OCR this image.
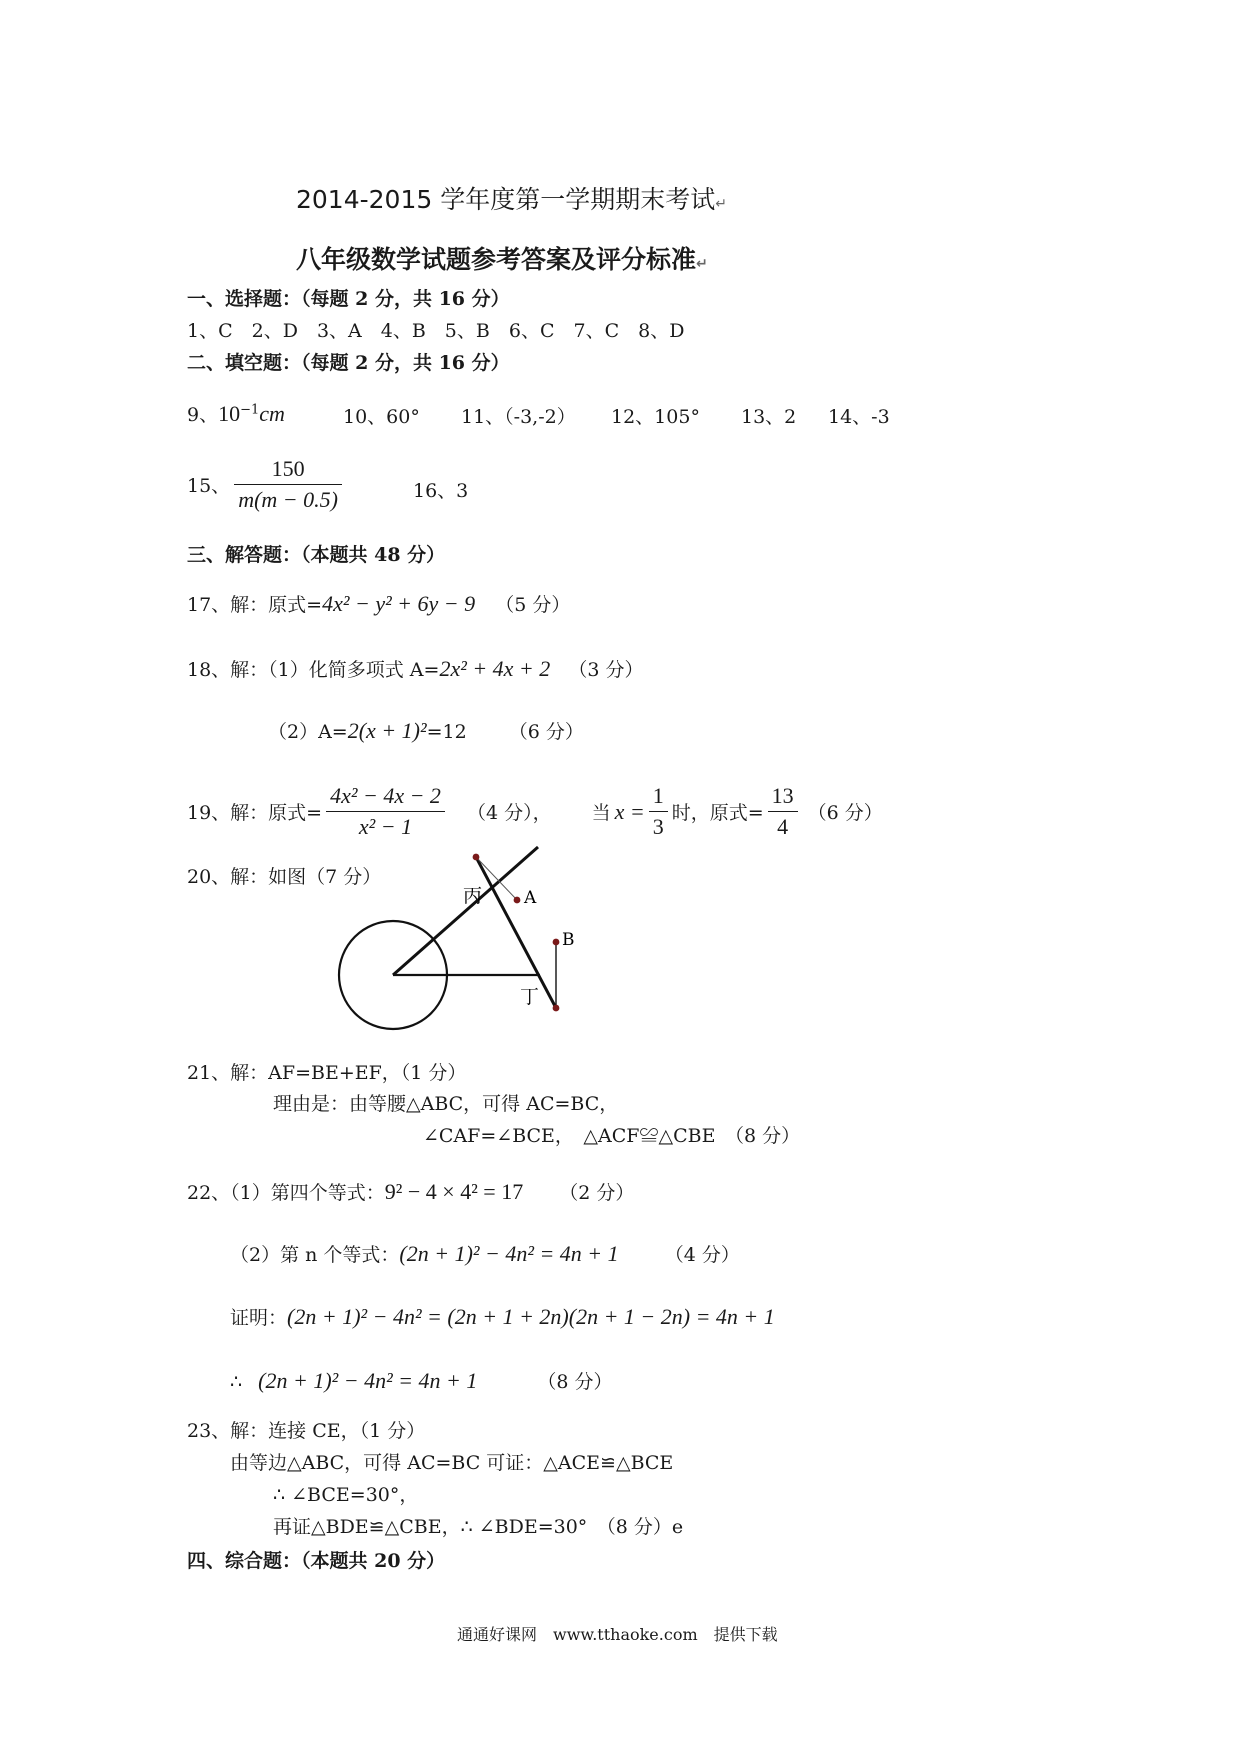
2014-2015 学年度第一学期期末考试↵
八年级数学试题参考答案及评分标准↵
一、选择题：（每题 2 分，共 16 分）
1、C　2、D　3、A　4、B　5、B　6、C　7、C　8、D
二、填空题：（每题 2 分，共 16 分）
9、$10^{-1}cm$	10、60° 11、（-3,-2） 12、105° 13、2 14、-3
15、 $\frac{150}{m(m - 0.5)}$	16、3
三、解答题：（本题共 48 分）
17、解：原式=4x² − y² + 6y − 9 （5 分）
18、解：（1）化简多项式 A=2x² + 4x + 2 （3 分）
（2）A=2(x + 1)²=12 （6 分）
19、解：原式= $\frac{\text{4x² − 4x − 2}}{\text{x² − 1}} (4$ 分）， 当 $x = \frac{1}{3}$ 时，原式= $\frac{13}{4} (6$ 分）
20、解：如图（7 分）
丙 A
B
丁
21、解：AF=BE+EF，（1 分）
理由是：由等腰△ABC，可得 AC=BC，
∠CAF=∠BCE，　△ACF≌△CBE　（8 分）
22、（1）第四个等式：9² − 4 × 4² = 17 （2 分）
（2）第 n 个等式：(2n + 1)² − 4n² = 4n + 1 （4 分）
证明：(2n + 1)² − 4n² = (2n + 1 + 2n)(2n + 1 − 2n) = 4n + 1
∴ (2n + 1)² − 4n² = 4n + 1	（8 分）
23、解：连接 CE，（1 分）
由等边△ABC，可得 AC=BC 可证：△ACE≌△BCE
∴ ∠BCE=30°，
再证△BDE≌△CBE，∴ ∠BDE=30°　（8 分）e
四、综合题：（本题共 20 分）
通通好课网　www.tthaoke.com　提供下载
